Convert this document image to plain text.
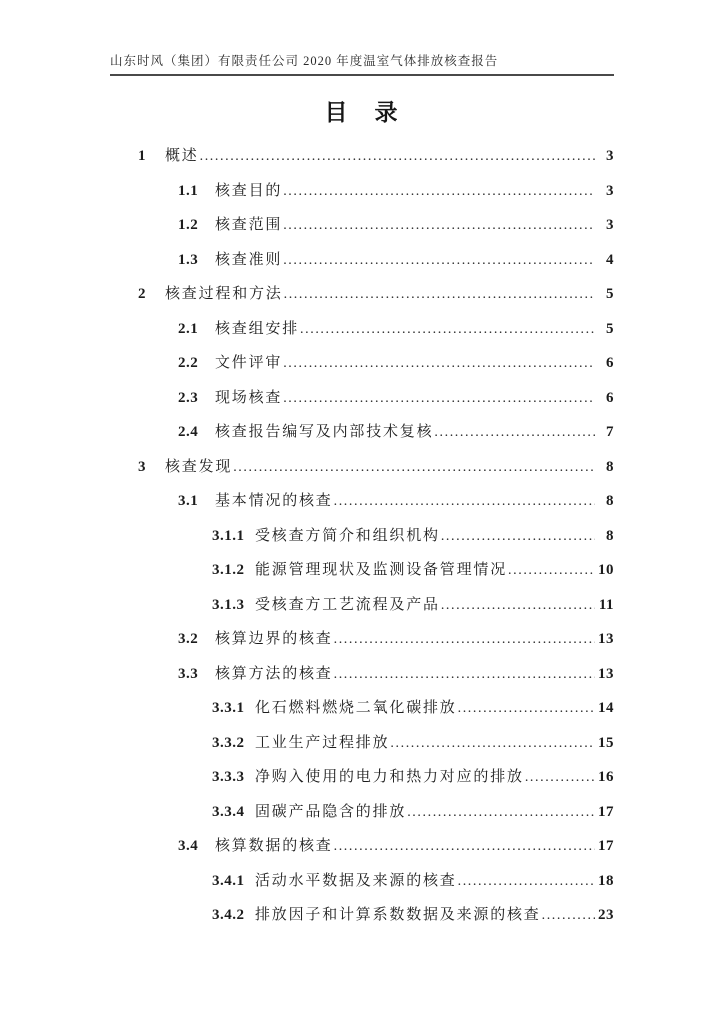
山东时风（集团）有限责任公司 2020 年度温室气体排放核查报告
目　录
1	概述 .....	3
1.1	核查目的 .....	3
1.2	核查范围 .....	3
1.3	核查准则 .....	4
2	核查过程和方法 .....	5
2.1	核查组安排 .....	5
2.2	文件评审 .....	6
2.3	现场核查 .....	6
2.4	核查报告编写及内部技术复核 .....	7
3	核查发现 .....	8
3.1	基本情况的核查 .....	8
3.1.1 受核查方简介和组织机构 .....	8
3.1.2 能源管理现状及监测设备管理情况 .....	10
3.1.3 受核查方工艺流程及产品 .....	11
3.2	核算边界的核查 .....	13
3.3	核算方法的核查 .....	13
3.3.1 化石燃料燃烧二氧化碳排放 .....	14
3.3.2 工业生产过程排放 .....	15
3.3.3 净购入使用的电力和热力对应的排放 .....	16
3.3.4 固碳产品隐含的排放 .....	17
3.4	核算数据的核查 .....	17
3.4.1 活动水平数据及来源的核查 .....	18
3.4.2 排放因子和计算系数数据及来源的核查 .....	23
